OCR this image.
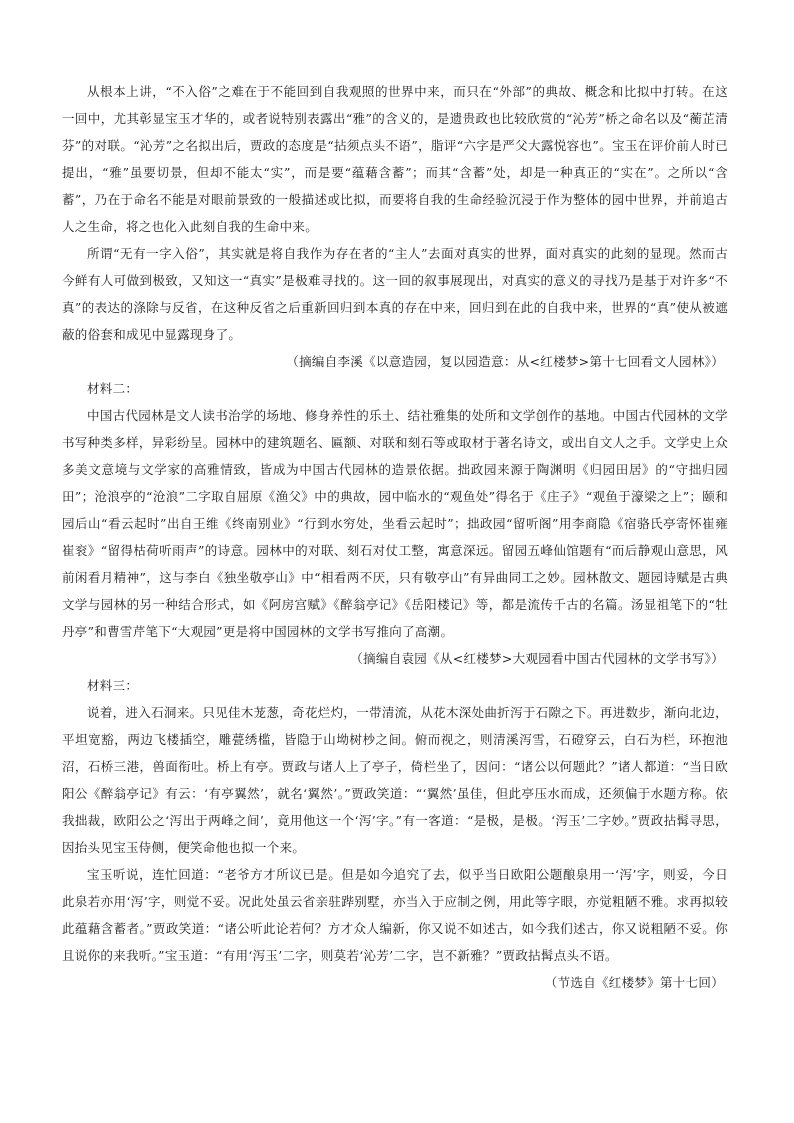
从根本上讲，“不入俗”之难在于不能回到自我观照的世界中来，而只在“外部”的典故、概念和比拟中打转。在这一回中，尤其彰显宝玉才华的，或者说特别表露出“雅”的含义的，是遗贵政也比较欣赏的“沁芳”桥之命名以及“蘅芷清芬”的对联。“沁芳”之名拟出后，贾政的态度是“拈须点头不语”，脂评“六字是严父大露悦容也”。宝玉在评价前人时已提出，“雅”虽要切景，但却不能太“实”，而是要“蕴藉含蓄”；而其“含蓄”处，却是一种真正的“实在”。之所以“含蓄”，乃在于命名不能是对眼前景致的一般描述或比拟，而要将自我的生命经验沉浸于作为整体的园中世界，并前追古人之生命，将之也化入此刻自我的生命中来。

所谓“无有一字入俗”，其实就是将自我作为存在者的“主人”去面对真实的世界，面对真实的此刻的显现。然而古今鲜有人可做到极致，又知这一“真实”是极难寻找的。这一回的叙事展现出，对真实的意义的寻找乃是基于对许多“不真”的表达的涤除与反省，在这种反省之后重新回归到本真的存在中来，回归到在此的自我中来，世界的“真”使从被遮蔽的俗套和成见中显露现身了。

（摘编自李溪《以意造园，复以园造意：从<红楼梦>第十七回看文人园林》）
材料二：

中国古代园林是文人读书治学的场地、修身养性的乐土、结社雅集的处所和文学创作的基地。中国古代园林的文学书写种类多样，异彩纷呈。园林中的建筑题名、匾额、对联和刻石等或取材于著名诗文，或出自文人之手。文学史上众多美文意境与文学家的高雅情致，皆成为中国古代园林的造景依据。拙政园来源于陶渊明《归园田居》的“守拙归园田”；沧浪亭的“沧浪”二字取自屈原《渔父》中的典故，园中临水的“观鱼处”得名于《庄子》“观鱼于濠梁之上”；颐和园后山“看云起时”出自王维《终南别业》“行到水穷处，坐看云起时”；拙政园“留听阁”用李商隐《宿骆氏亭寄怀崔雍崔衮》“留得枯荷听雨声”的诗意。园林中的对联、刻石对仗工整，寓意深远。留园五峰仙馆题有“而后静观山意思，风前闲看月精神”，这与李白《独坐敬亭山》中“相看两不厌，只有敬亭山”有异曲同工之妙。园林散文、题园诗赋是古典文学与园林的另一种结合形式，如《阿房宫赋》《醉翁亭记》《岳阳楼记》等，都是流传千古的名篇。汤显祖笔下的“牡丹亭”和曹雪芹笔下“大观园”更是将中国园林的文学书写推向了高潮。

（摘编自袁园《从<红楼梦>大观园看中国古代园林的文学书写》）
材料三：

说着，进入石洞来。只见佳木茏葱，奇花烂灼，一带清流，从花木深处曲折泻于石隙之下。再进数步，渐向北边，平坦宽豁，两边飞楼插空，雕甍绣槛，皆隐于山坳树杪之间。俯而视之，则清溪泻雪，石磴穿云，白石为栏，环抱池沼，石桥三港，兽面衔吐。桥上有亭。贾政与诸人上了亭子，倚栏坐了，因问：“诸公以何题此？”诸人都道：“当日欧阳公《醉翁亭记》有云：‘有亭翼然’，就名‘翼然’。”贾政笑道：“‘翼然’虽佳，但此亭压水而成，还须偏于水题方称。依我拙裁，欧阳公之‘泻出于两峰之间’，竟用他这一个‘泻’字。”有一客道：“是极，是极。‘泻玉’二字妙。”贾政拈髯寻思，因抬头见宝玉侍侧，便笑命他也拟一个来。

宝玉听说，连忙回道：“老爷方才所议已是。但是如今追究了去，似乎当日欧阳公题酿泉用一‘泻’字，则妥，今日此泉若亦用‘泻’字，则觉不妥。况此处虽云省亲驻跸别墅，亦当入于应制之例，用此等字眼，亦觉粗陋不雅。求再拟较此蕴藉含蓄者。”贾政笑道：“诸公听此论若何？方才众人编新，你又说不如述古，如今我们述古，你又说粗陋不妥。你且说你的来我听。”宝玉道：“有用‘泻玉’二字，则莫若‘沁芳’二字，岂不新雅？”贾政拈髯点头不语。

（节选自《红楼梦》第十七回）
